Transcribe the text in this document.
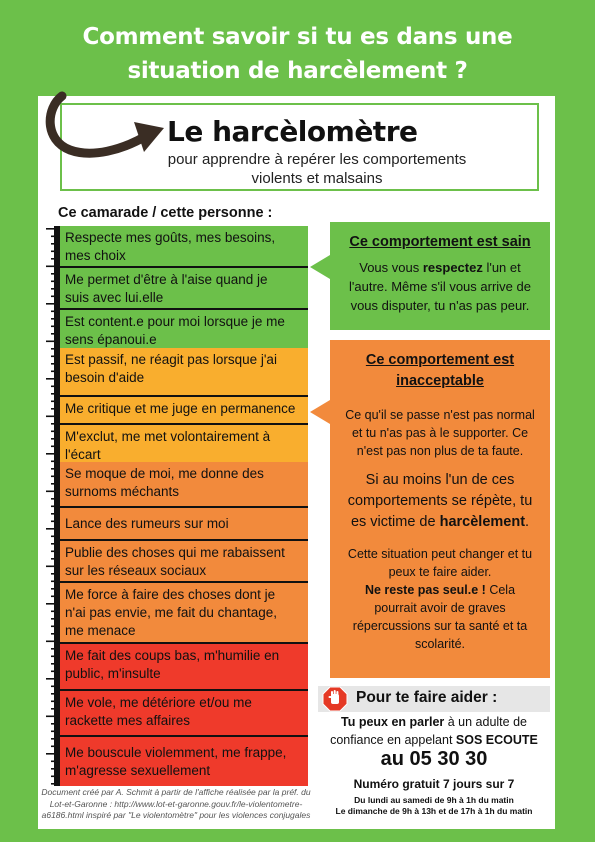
Comment savoir si tu es dans une
situation de harcèlement ?
Le harcèlomètre
pour apprendre à repérer les comportements
violents et malsains
Ce camarade / cette personne :
Respecte mes goûts, mes besoins,
mes choix
Me permet d'être à l'aise quand je
suis avec lui.elle
Est content.e pour moi lorsque je me
sens épanoui.e
Est passif, ne réagit pas lorsque j'ai
besoin d'aide
Me critique et me juge en permanence
M'exclut, me met volontairement à
l'écart
Se moque de moi, me donne des
surnoms méchants
Lance des rumeurs sur moi
Publie des choses qui me rabaissent
sur les réseaux sociaux
Me force à faire des choses dont je
n'ai pas envie, me fait du chantage,
me menace
Me fait des coups bas, m'humilie en
public, m'insulte
Me vole, me détériore et/ou me
rackette mes affaires
Me bouscule violemment, me frappe,
m'agresse sexuellement
Ce comportement est sain
Vous vous respectez l'un et
l'autre. Même s'il vous arrive de
vous disputer, tu n'as pas peur.
Ce comportement est
inacceptable
Ce qu'il se passe n'est pas normal
et tu n'as pas à le supporter. Ce
n'est pas non plus de ta faute.
Si au moins l'un de ces
comportements se répète, tu
es victime de harcèlement.
Cette situation peut changer et tu
peux te faire aider.
Ne reste pas seul.e ! Cela
pourrait avoir de graves
répercussions sur ta santé et ta
scolarité.
Pour te faire aider :
Tu peux en parler à un adulte de
confiance en appelant SOS ECOUTE
au 05 30 30
Numéro gratuit 7 jours sur 7
Du lundi au samedi de 9h à 1h du matin
Le dimanche de 9h à 13h et de 17h à 1h du matin
Document créé par A. Schmit à partir de l'affiche réalisée par la préf. du
Lot-et-Garonne : http://www.lot-et-garonne.gouv.fr/le-violentometre-
a6186.html inspiré par "Le violentomètre" pour les violences conjugales
